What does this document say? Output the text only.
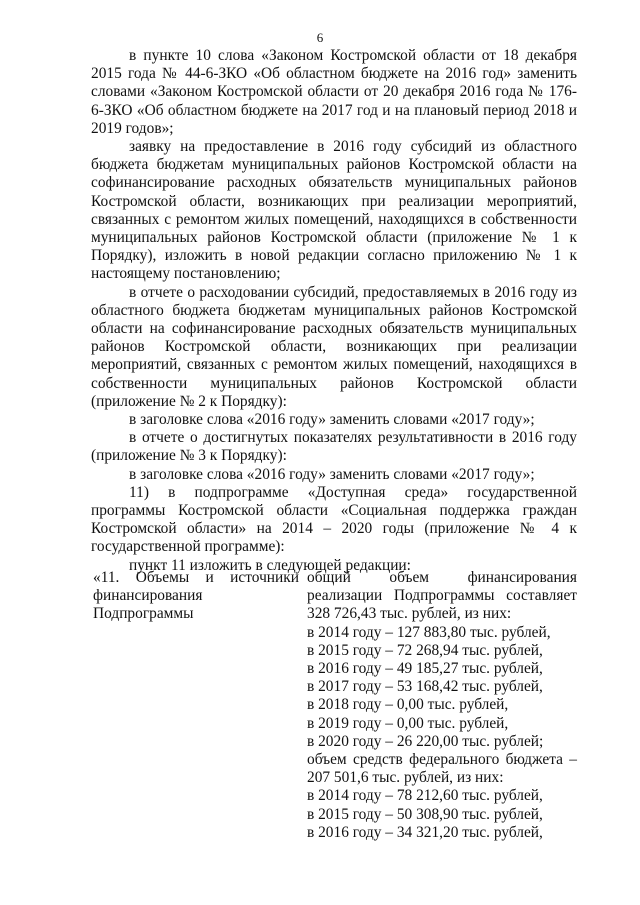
6

в пункте 10 слова «Законом Костромской области от 18 декабря 2015 года № 44-6-ЗКО «Об областном бюджете на 2016 год» заменить словами «Законом Костромской области от 20 декабря 2016 года № 176-6-ЗКО «Об областном бюджете на 2017 год и на плановый период 2018 и 2019 годов»;

заявку на предоставление в 2016 году субсидий из областного бюджета бюджетам муниципальных районов Костромской области на софинансирование расходных обязательств муниципальных районов Костромской области, возникающих при реализации мероприятий, связанных с ремонтом жилых помещений, находящихся в собственности муниципальных районов Костромской области (приложение № 1 к Порядку), изложить в новой редакции согласно приложению № 1 к настоящему постановлению;

в отчете о расходовании субсидий, предоставляемых в 2016 году из областного бюджета бюджетам муниципальных районов Костромской области на софинансирование расходных обязательств муниципальных районов Костромской области, возникающих при реализации мероприятий, связанных с ремонтом жилых помещений, находящихся в собственности муниципальных районов Костромской области (приложение № 2 к Порядку):

в заголовке слова «2016 году» заменить словами «2017 году»;

в отчете о достигнутых показателях результативности в 2016 году (приложение № 3 к Порядку):

в заголовке слова «2016 году» заменить словами «2017 году»;

11) в подпрограмме «Доступная среда» государственной программы Костромской области «Социальная поддержка граждан Костромской области» на 2014 – 2020 годы (приложение № 4 к государственной программе):

пункт 11 изложить в следующей редакции:

«11. Объемы и источники финансирования Подпрограммы
общий объем финансирования реализации Подпрограммы составляет 328 726,43 тыс. рублей, из них:
в 2014 году – 127 883,80 тыс. рублей,
в 2015 году – 72 268,94 тыс. рублей,
в 2016 году – 49 185,27 тыс. рублей,
в 2017 году – 53 168,42 тыс. рублей,
в 2018 году – 0,00 тыс. рублей,
в 2019 году – 0,00 тыс. рублей,
в 2020 году – 26 220,00 тыс. рублей;
объем средств федерального бюджета – 207 501,6 тыс. рублей, из них:
в 2014 году – 78 212,60 тыс. рублей,
в 2015 году – 50 308,90 тыс. рублей,
в 2016 году – 34 321,20 тыс. рублей,
